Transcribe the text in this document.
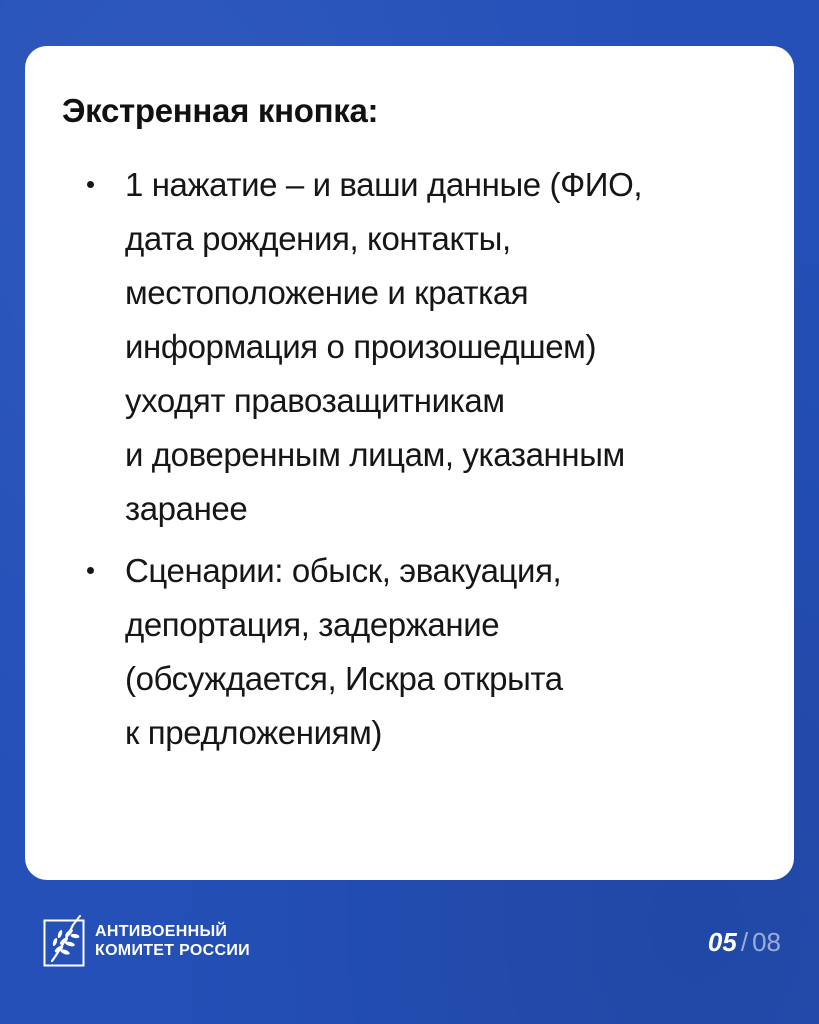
Экстренная кнопка:
1 нажатие – и ваши данные (ФИО,
дата рождения, контакты,
местоположение и краткая
информация о произошедшем)
уходят правозащитникам
и доверенным лицам, указанным
заранее
Сценарии: обыск, эвакуация,
депортация, задержание
(обсуждается, Искра открыта
к предложениям)
АНТИВОЕННЫЙ
КОМИТЕТ РОССИИ	05 / 08
